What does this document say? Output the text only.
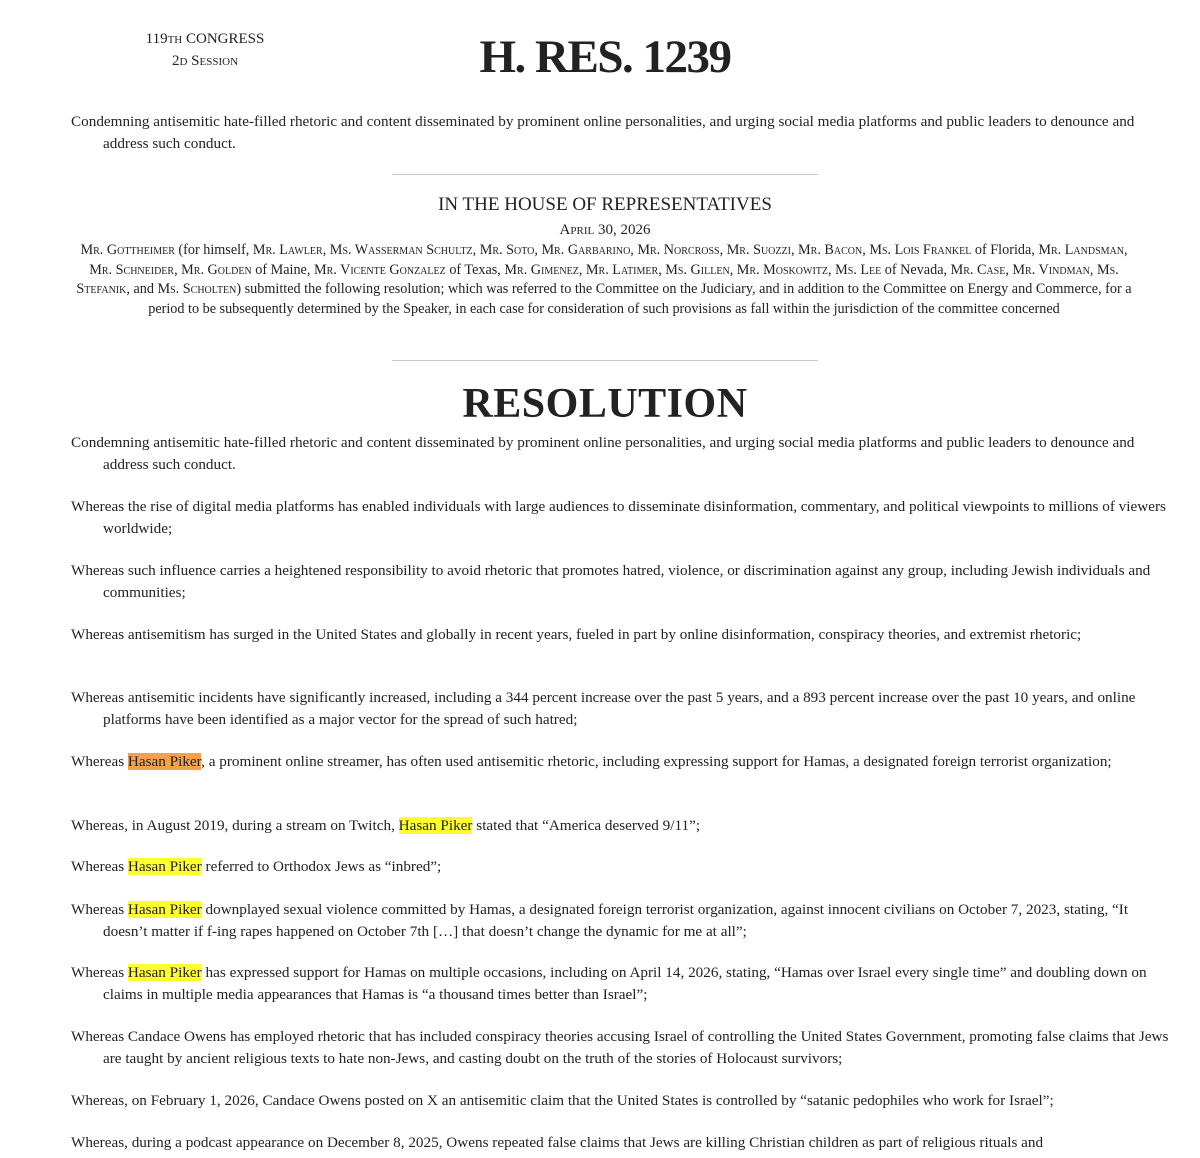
119th CONGRESS
2d Session	H. RES. 1239
Condemning antisemitic hate-filled rhetoric and content disseminated by prominent online personalities, and urging social media platforms and public leaders to denounce and address such conduct.
IN THE HOUSE OF REPRESENTATIVES
April 30, 2026
Mr. Gottheimer (for himself, Mr. Lawler, Ms. Wasserman Schultz, Mr. Soto, Mr. Garbarino, Mr. Norcross, Mr. Suozzi, Mr. Bacon, Ms. Lois Frankel of Florida, Mr. Landsman, Mr. Schneider, Mr. Golden of Maine, Mr. Vicente Gonzalez of Texas, Mr. Gimenez, Mr. Latimer, Ms. Gillen, Mr. Moskowitz, Ms. Lee of Nevada, Mr. Case, Mr. Vindman, Ms. Stefanik, and Ms. Scholten) submitted the following resolution; which was referred to the Committee on the Judiciary, and in addition to the Committee on Energy and Commerce, for a period to be subsequently determined by the Speaker, in each case for consideration of such provisions as fall within the jurisdiction of the committee concerned
RESOLUTION
Condemning antisemitic hate-filled rhetoric and content disseminated by prominent online personalities, and urging social media platforms and public leaders to denounce and address such conduct.
Whereas the rise of digital media platforms has enabled individuals with large audiences to disseminate disinformation, commentary, and political viewpoints to millions of viewers worldwide;
Whereas such influence carries a heightened responsibility to avoid rhetoric that promotes hatred, violence, or discrimination against any group, including Jewish individuals and communities;
Whereas antisemitism has surged in the United States and globally in recent years, fueled in part by online disinformation, conspiracy theories, and extremist rhetoric;
Whereas antisemitic incidents have significantly increased, including a 344 percent increase over the past 5 years, and a 893 percent increase over the past 10 years, and online platforms have been identified as a major vector for the spread of such hatred;
Whereas Hasan Piker, a prominent online streamer, has often used antisemitic rhetoric, including expressing support for Hamas, a designated foreign terrorist organization;
Whereas, in August 2019, during a stream on Twitch, Hasan Piker stated that “America deserved 9/11”;
Whereas Hasan Piker referred to Orthodox Jews as “inbred”;
Whereas Hasan Piker downplayed sexual violence committed by Hamas, a designated foreign terrorist organization, against innocent civilians on October 7, 2023, stating, “It doesn’t matter if f-ing rapes happened on October 7th […] that doesn’t change the dynamic for me at all”;
Whereas Hasan Piker has expressed support for Hamas on multiple occasions, including on April 14, 2026, stating, “Hamas over Israel every single time” and doubling down on claims in multiple media appearances that Hamas is “a thousand times better than Israel”;
Whereas Candace Owens has employed rhetoric that has included conspiracy theories accusing Israel of controlling the United States Government, promoting false claims that Jews are taught by ancient religious texts to hate non-Jews, and casting doubt on the truth of the stories of Holocaust survivors;
Whereas, on February 1, 2026, Candace Owens posted on X an antisemitic claim that the United States is controlled by “satanic pedophiles who work for Israel”;
Whereas, during a podcast appearance on December 8, 2025, Owens repeated false claims that Jews are killing Christian children as part of religious rituals and
